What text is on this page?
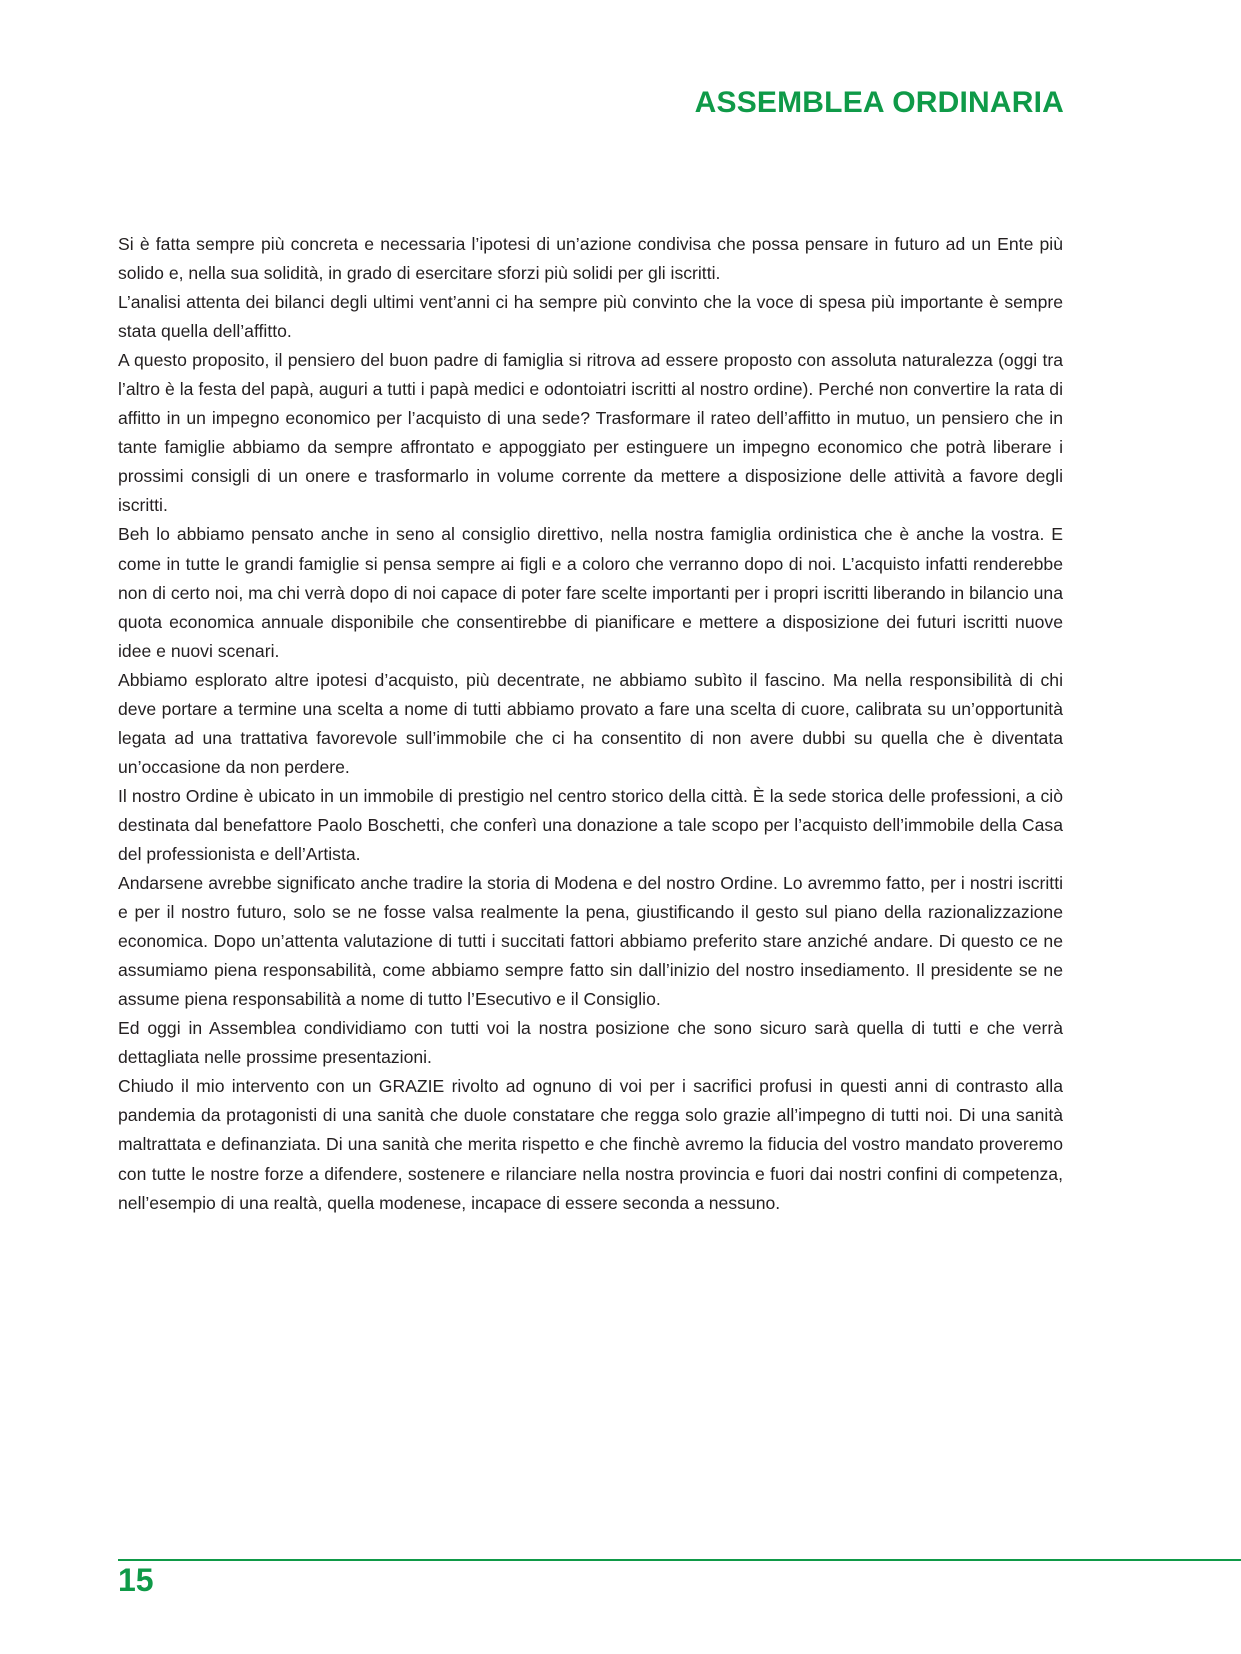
ASSEMBLEA ORDINARIA

Si è fatta sempre più concreta e necessaria l’ipotesi di un’azione condivisa che possa pensare in futuro ad un Ente più solido e, nella sua solidità, in grado di esercitare sforzi più solidi per gli iscritti.

L’analisi attenta dei bilanci degli ultimi vent’anni ci ha sempre più convinto che la voce di spesa più importante è sempre stata quella dell’affitto.

A questo proposito, il pensiero del buon padre di famiglia si ritrova ad essere proposto con assoluta naturalezza (oggi tra l’altro è la festa del papà, auguri a tutti i papà medici e odontoiatri iscritti al nostro ordine). Perché non convertire la rata di affitto in un impegno economico per l’acquisto di una sede? Trasformare il rateo dell’affitto in mutuo, un pensiero che in tante famiglie abbiamo da sempre affrontato e appoggiato per estinguere un impegno economico che potrà liberare i prossimi consigli di un onere e trasformarlo in volume corrente da mettere a disposizione delle attività a favore degli iscritti.

Beh lo abbiamo pensato anche in seno al consiglio direttivo, nella nostra famiglia ordinistica che è anche la vostra. E come in tutte le grandi famiglie si pensa sempre ai figli e a coloro che verranno dopo di noi. L’acquisto infatti renderebbe non di certo noi, ma chi verrà dopo di noi capace di poter fare scelte importanti per i propri iscritti liberando in bilancio una quota economica annuale disponibile che consentirebbe di pianificare e mettere a disposizione dei futuri iscritti nuove idee e nuovi scenari.

Abbiamo esplorato altre ipotesi d’acquisto, più decentrate, ne abbiamo subìto il fascino. Ma nella responsibilità di chi deve portare a termine una scelta a nome di tutti abbiamo provato a fare una scelta di cuore, calibrata su un’opportunità legata ad una trattativa favorevole sull’immobile che ci ha consentito di non avere dubbi su quella che è diventata un’occasione da non perdere.

Il nostro Ordine è ubicato in un immobile di prestigio nel centro storico della città. È la sede storica delle professioni, a ciò destinata dal benefattore Paolo Boschetti, che conferì una donazione a tale scopo per l’acquisto dell’immobile della Casa del professionista e dell’Artista.

Andarsene avrebbe significato anche tradire la storia di Modena e del nostro Ordine. Lo avremmo fatto, per i nostri iscritti e per il nostro futuro, solo se ne fosse valsa realmente la pena, giustificando il gesto sul piano della razionalizzazione economica. Dopo un’attenta valutazione di tutti i succitati fattori abbiamo preferito stare anziché andare. Di questo ce ne assumiamo piena responsabilità, come abbiamo sempre fatto sin dall’inizio del nostro insediamento. Il presidente se ne assume piena responsabilità a nome di tutto l’Esecutivo e il Consiglio.

Ed oggi in Assemblea condividiamo con tutti voi la nostra posizione che sono sicuro sarà quella di tutti e che verrà dettagliata nelle prossime presentazioni.

Chiudo il mio intervento con un GRAZIE rivolto ad ognuno di voi per i sacrifici profusi in questi anni di contrasto alla pandemia da protagonisti di una sanità che duole constatare che regga solo grazie all’impegno di tutti noi. Di una sanità maltrattata e definanziata. Di una sanità che merita rispetto e che finchè avremo la fiducia del vostro mandato proveremo con tutte le nostre forze a difendere, sostenere e rilanciare nella nostra provincia e fuori dai nostri confini di competenza, nell’esempio di una realtà, quella modenese, incapace di essere seconda a nessuno.

15
